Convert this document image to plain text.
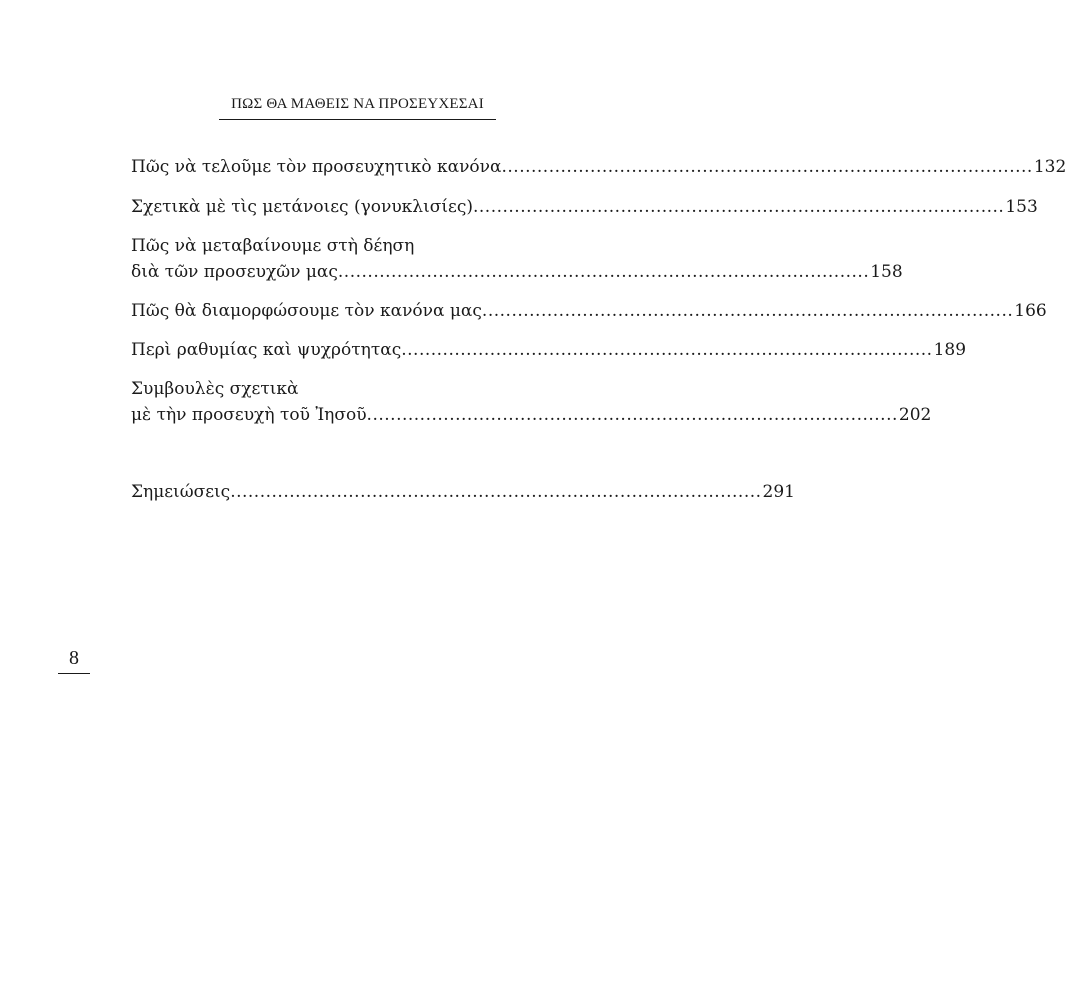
ΠΩΣ ΘΑ ΜΑΘΕΙΣ ΝΑ ΠΡΟΣΕΥΧΕΣΑΙ
Πῶς νὰ τελοῦμε τὸν προσευχητικὸ κανόνα .......................................................................................... 132
Σχετικὰ μὲ τὶς μετάνοιες (γονυκλισίες) .......................................................................................... 153
Πῶς νὰ μεταβαίνουμε στὴ δέηση
διὰ τῶν προσευχῶν μας .......................................................................................... 158
Πῶς θὰ διαμορφώσουμε τὸν κανόνα μας .......................................................................................... 166
Περὶ ραθυμίας καὶ ψυχρότητας .......................................................................................... 189
Συμβουλὲς σχετικὰ
μὲ τὴν προσευχὴ τοῦ Ἰησοῦ .......................................................................................... 202
Σημειώσεις .......................................................................................... 291
8
